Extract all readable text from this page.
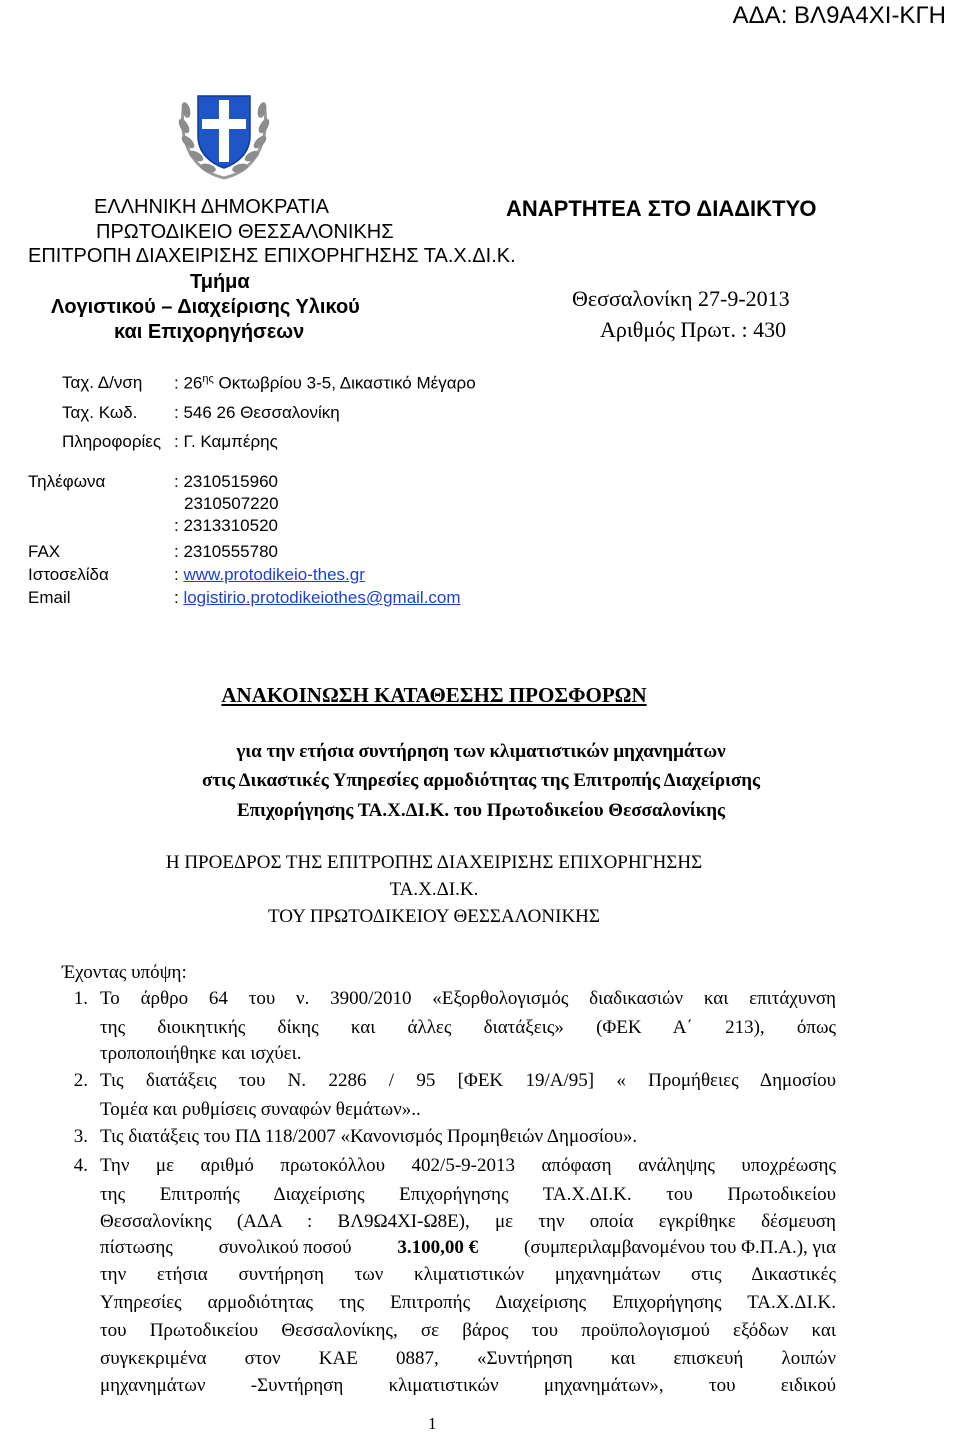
ΑΔΑ: ΒΛ9Α4ΧΙ-ΚΓΗ
ΕΛΛΗΝΙΚΗ ΔΗΜΟΚΡΑΤΙΑ
ΠΡΩΤΟΔΙΚΕΙΟ ΘΕΣΣΑΛΟΝΙΚΗΣ
ΕΠΙΤΡΟΠΗ ΔΙΑΧΕΙΡΙΣΗΣ ΕΠΙΧΟΡΗΓΗΣΗΣ ΤΑ.Χ.ΔΙ.Κ.
Τμήμα
Λογιστικού – Διαχείρισης Υλικού
και Επιχορηγήσεων
ΑΝΑΡΤΗΤΕΑ ΣΤΟ ΔΙΑΔΙΚΤΥΟ
Θεσσαλονίκη 27-9-2013
Αριθμός Πρωτ. : 430
Ταχ. Δ/νση : $26^{\eta\varsigma}$ Οκτωβρίου 3-5, Δικαστικό Μέγαρο
Ταχ. Κωδ. : 546 26 Θεσσαλονίκη
Πληροφορίες : Γ. Καμπέρης
Τηλέφωνα	: 2310515960
2310507220
: 2313310520
FAX	: 2310555780
Ιστοσελίδα	: www.protodikeio-thes.gr
Email	: logistirio.protodikeiothes@gmail.com
ΑΝΑΚΟΙΝΩΣΗ ΚΑΤΑΘΕΣΗΣ ΠΡΟΣΦΟΡΩΝ
για την ετήσια συντήρηση των κλιματιστικών μηχανημάτων
στις Δικαστικές Υπηρεσίες αρμοδιότητας της Επιτροπής Διαχείρισης
Επιχορήγησης ΤΑ.Χ.ΔΙ.Κ. του Πρωτοδικείου Θεσσαλονίκης
Η ΠΡΟΕΔΡΟΣ ΤΗΣ ΕΠΙΤΡΟΠΗΣ ΔΙΑΧΕΙΡΙΣΗΣ ΕΠΙΧΟΡΗΓΗΣΗΣ
ΤΑ.Χ.ΔΙ.Κ.
ΤΟΥ ΠΡΩΤΟΔΙΚΕΙΟΥ ΘΕΣΣΑΛΟΝΙΚΗΣ
Έχοντας υπόψη:
1. Το άρθρο 64 του ν. 3900/2010 «Εξορθολογισμός διαδικασιών και επιτάχυνση
της διοικητικής δίκης και άλλες διατάξεις» (ΦΕΚ Α΄ 213), όπως
τροποποιήθηκε και ισχύει.
2. Τις διατάξεις του Ν. 2286 / 95 [ΦΕΚ 19/Α/95] « Προμήθειες Δημοσίου
Τομέα και ρυθμίσεις συναφών θεμάτων»..
3. Τις διατάξεις του ΠΔ 118/2007 «Κανονισμός Προμηθειών Δημοσίου».
4. Την με αριθμό πρωτοκόλλου 402/5-9-2013 απόφαση ανάληψης υποχρέωσης
της Επιτροπής Διαχείρισης Επιχορήγησης ΤΑ.Χ.ΔΙ.Κ. του Πρωτοδικείου
Θεσσαλονίκης (ΑΔΑ : ΒΛ9Ω4ΧΙ-Ω8Ε), με την οποία εγκρίθηκε δέσμευση
πίστωσης συνολικού ποσού 3.100,00 € (συμπεριλαμβανομένου του Φ.Π.Α.), για
την ετήσια συντήρηση των κλιματιστικών μηχανημάτων στις Δικαστικές
Υπηρεσίες αρμοδιότητας της Επιτροπής Διαχείρισης Επιχορήγησης ΤΑ.Χ.ΔΙ.Κ.
του Πρωτοδικείου Θεσσαλονίκης, σε βάρος του προϋπολογισμού εξόδων και
συγκεκριμένα στον ΚΑΕ 0887, «Συντήρηση και επισκευή λοιπών
μηχανημάτων -Συντήρηση κλιματιστικών μηχανημάτων», του ειδικού
1
